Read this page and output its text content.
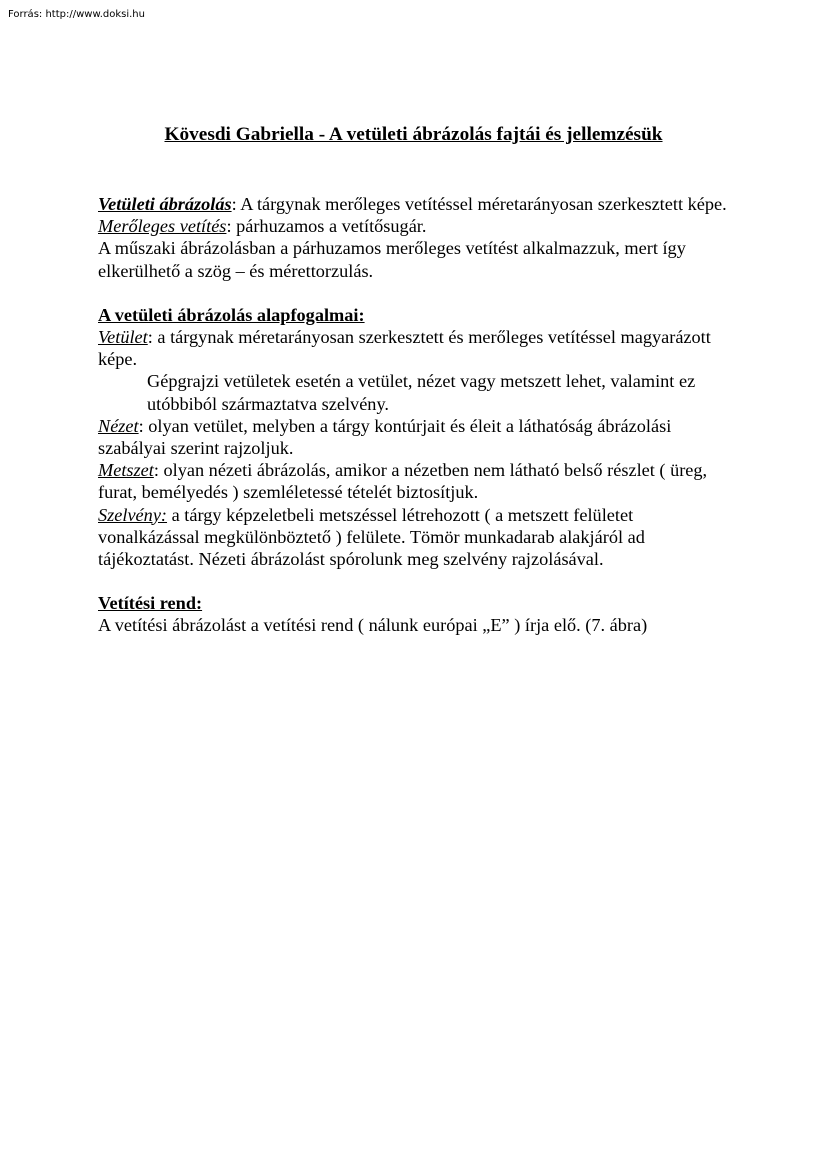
Forrás: http://www.doksi.hu
Kövesdi Gabriella - A vetületi ábrázolás fajtái és jellemzésük

Vetületi ábrázolás: A tárgynak merőleges vetítéssel méretarányosan szerkesztett képe.

Merőleges vetítés: párhuzamos a vetítősugár.

A műszaki ábrázolásban a párhuzamos merőleges vetítést alkalmazzuk, mert így elkerülhető a szög – és mérettorzulás.

A vetületi ábrázolás alapfogalmai:

Vetület: a tárgynak méretarányosan szerkesztett és merőleges vetítéssel magyarázott képe.

Gépgrajzi vetületek esetén a vetület, nézet vagy metszett lehet, valamint ez utóbbiból származtatva szelvény.

Nézet: olyan vetület, melyben a tárgy kontúrjait és éleit a láthatóság ábrázolási szabályai szerint rajzoljuk.

Metszet: olyan nézeti ábrázolás, amikor a nézetben nem látható belső részlet ( üreg, furat, bemélyedés ) szemléletessé tételét biztosítjuk.

Szelvény: a tárgy képzeletbeli metszéssel létrehozott ( a metszett felületet vonalkázással megkülönböztető ) felülete. Tömör munkadarab alakjáról ad tájékoztatást. Nézeti ábrázolást spórolunk meg szelvény rajzolásával.

Vetítési rend:

A vetítési ábrázolást a vetítési rend ( nálunk európai „E” ) írja elő. (7. ábra)
